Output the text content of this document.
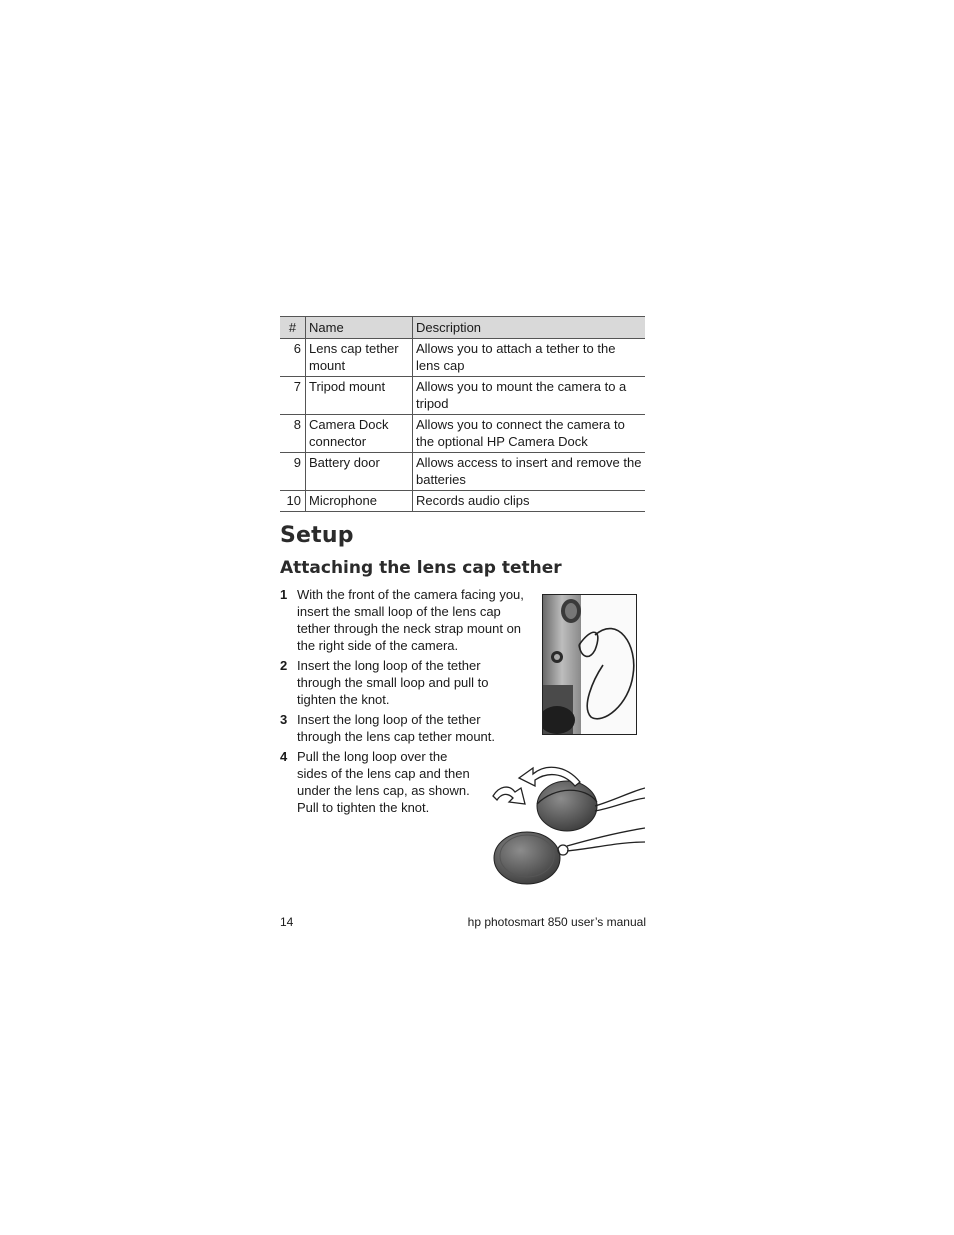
#	Name	Description
6	Lens cap tether mount	Allows you to attach a tether to the lens cap
7	Tripod mount	Allows you to mount the camera to a tripod
8	Camera Dock connector	Allows you to connect the camera to the optional HP Camera Dock
9	Battery door	Allows access to insert and remove the batteries
10	Microphone	Records audio clips
Setup
Attaching the lens cap tether
1 With the front of the camera facing you, insert the small loop of the lens cap tether through the neck strap mount on the right side of the camera.
2 Insert the long loop of the tether through the small loop and pull to tighten the knot.
3 Insert the long loop of the tether through the lens cap tether mount.
4 Pull the long loop over the sides of the lens cap and then under the lens cap, as shown. Pull to tighten the knot.
14	hp photosmart 850 user’s manual
